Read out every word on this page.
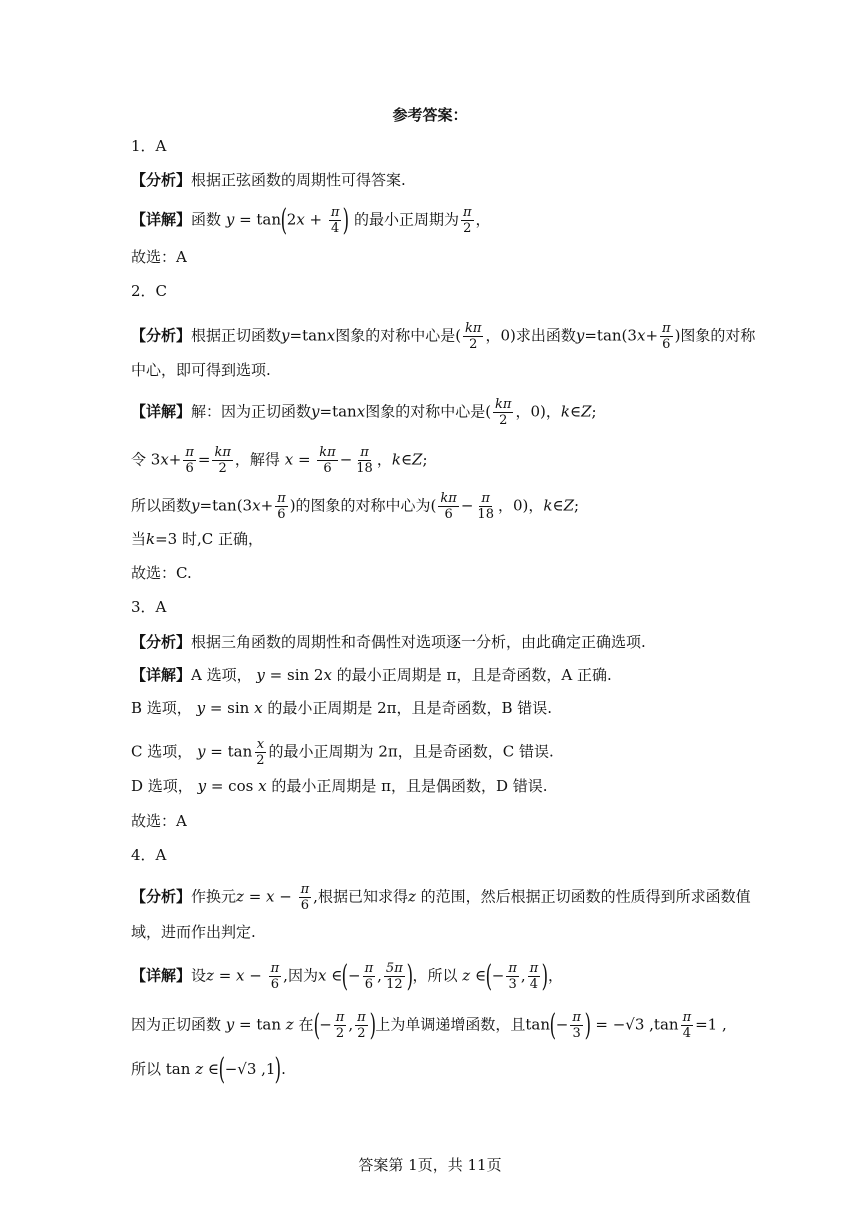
参考答案：
1．A
【分析】根据正弦函数的周期性可得答案.
【详解】函数 $y = \tan(2x + \frac{\pi}{4}$ ) 的最小正周期为 $\frac{\pi}{2}$ ，
故选：A
2．C
【分析】根据正切函数y=tanx图象的对称中心是( $\frac{k\pi}{2}$ ，0)求出函数$y=\tan(3x+ \frac{\pi}{6}$ )图象的对称
中心，即可得到选项.
【详解】解：因为正切函数y=tanx图象的对称中心是( $\frac{k\pi}{2}$ ，0)，k∈Z;
令 $3x+ \frac{\pi}{6} = \frac{k\pi}{2}$ ，解得 $x = \frac{k\pi}{6} - \frac{\pi}{18}$ ，k∈Z;
所以函数$y=\tan(3x+ \frac{\pi}{6}$ )的图象的对称中心为( $\frac{k\pi}{6} - \frac{\pi}{18}$ ，0)，k∈Z;
当k=3 时,C 正确，
故选：C.
3．A
【分析】根据三角函数的周期性和奇偶性对选项逐一分析，由此确定正确选项.
【详解】A 选项， y = sin 2x 的最小正周期是 π，且是奇函数，A 正确.
B 选项， y = sin x 的最小正周期是 2π，且是奇函数，B 错误.
C 选项， $y = \tan \frac{x}{2}$ 的最小正周期为 2π，且是奇函数，C 错误.
D 选项， y = cos x 的最小正周期是 π，且是偶函数，D 错误.
故选：A
4．A
【分析】作换元$z = x - \frac{\pi}{6}$ ,根据已知求得z 的范围，然后根据正切函数的性质得到所求函数值
域，进而作出判定.
【详解】设$z = x - \frac{\pi}{6}$ ,因为x ∈(− $\frac{\pi}{6}$ , $\frac{5\pi}{12}$ )，所以 z ∈(− $\frac{\pi}{3}$ , $\frac{\pi}{4}$ )，
因为正切函数 y = tan z 在(− $\frac{\pi}{2}$ , $\frac{\pi}{2}$ )上为单调递增函数，且$\tan(- \frac{\pi}{3}$ ) = −√3 $,\tan \frac{\pi}{4} =1$ ,
所以 tan z ∈(−√3 ,1).
答案第 1页，共 11页
